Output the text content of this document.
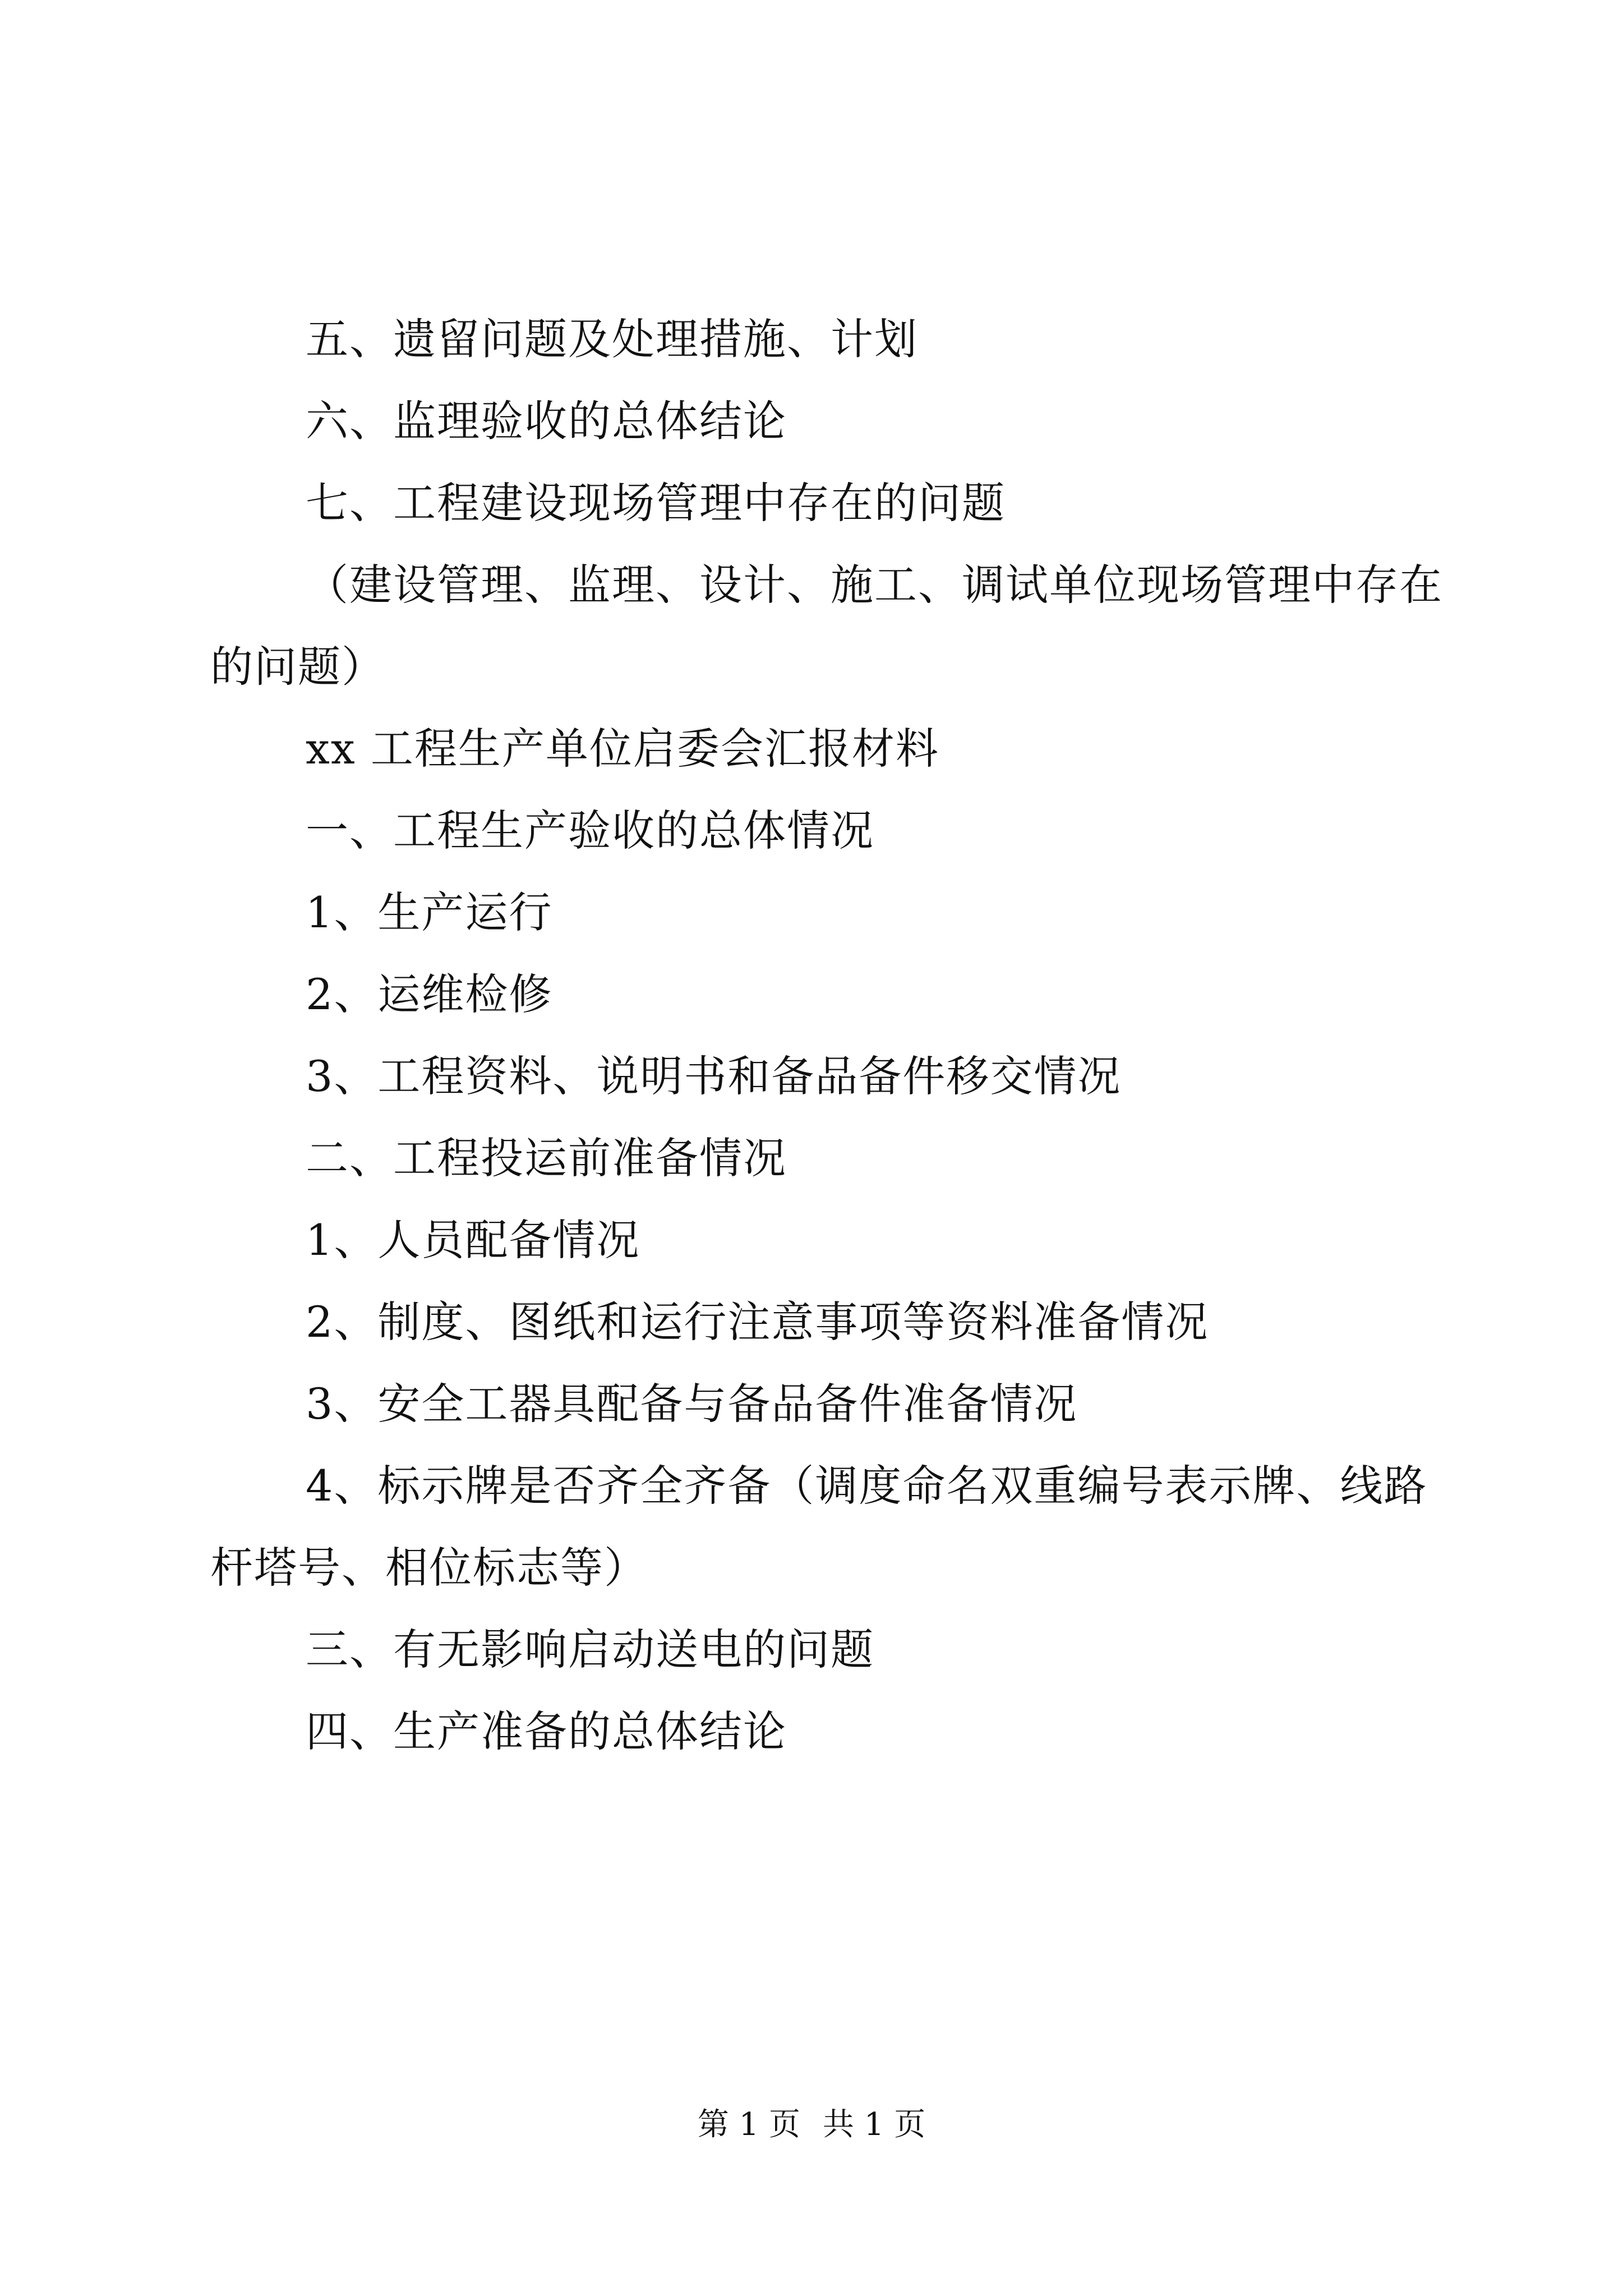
五、遗留问题及处理措施、计划

六、监理验收的总体结论

七、工程建设现场管理中存在的问题

（建设管理、监理、设计、施工、调试单位现场管理中存在的问题）

xx 工程生产单位启委会汇报材料

一、工程生产验收的总体情况

1、生产运行

2、运维检修

3、工程资料、说明书和备品备件移交情况

二、工程投运前准备情况

1、人员配备情况

2、制度、图纸和运行注意事项等资料准备情况

3、安全工器具配备与备品备件准备情况

4、标示牌是否齐全齐备（调度命名双重编号表示牌、线路杆塔号、相位标志等）

三、有无影响启动送电的问题

四、生产准备的总体结论

第 1 页 共 1 页
